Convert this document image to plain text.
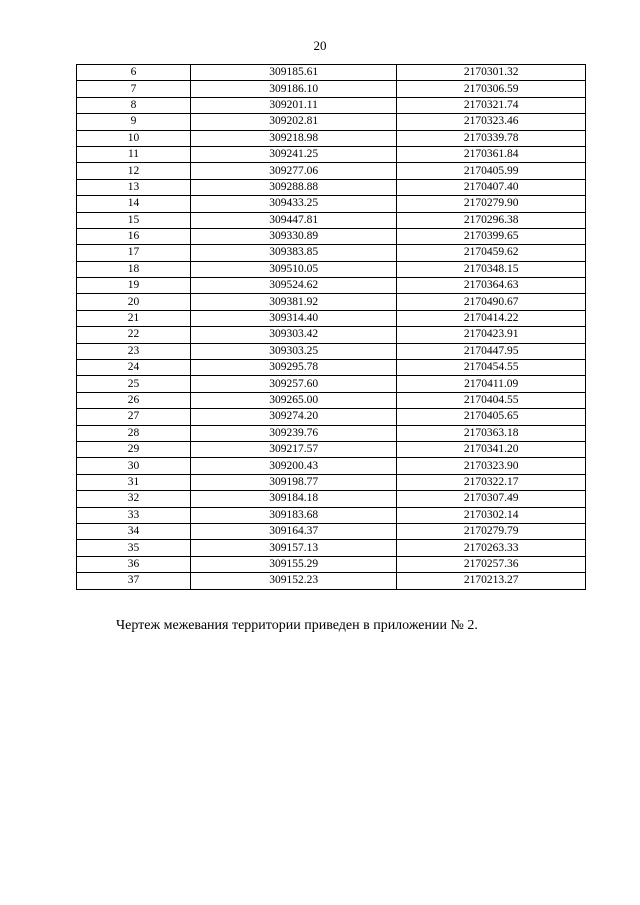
20
6	309185.61	2170301.32
7	309186.10	2170306.59
8	309201.11	2170321.74
9	309202.81	2170323.46
10	309218.98	2170339.78
11	309241.25	2170361.84
12	309277.06	2170405.99
13	309288.88	2170407.40
14	309433.25	2170279.90
15	309447.81	2170296.38
16	309330.89	2170399.65
17	309383.85	2170459.62
18	309510.05	2170348.15
19	309524.62	2170364.63
20	309381.92	2170490.67
21	309314.40	2170414.22
22	309303.42	2170423.91
23	309303.25	2170447.95
24	309295.78	2170454.55
25	309257.60	2170411.09
26	309265.00	2170404.55
27	309274.20	2170405.65
28	309239.76	2170363.18
29	309217.57	2170341.20
30	309200.43	2170323.90
31	309198.77	2170322.17
32	309184.18	2170307.49
33	309183.68	2170302.14
34	309164.37	2170279.79
35	309157.13	2170263.33
36	309155.29	2170257.36
37	309152.23	2170213.27
Чертеж межевания территории приведен в приложении № 2.
